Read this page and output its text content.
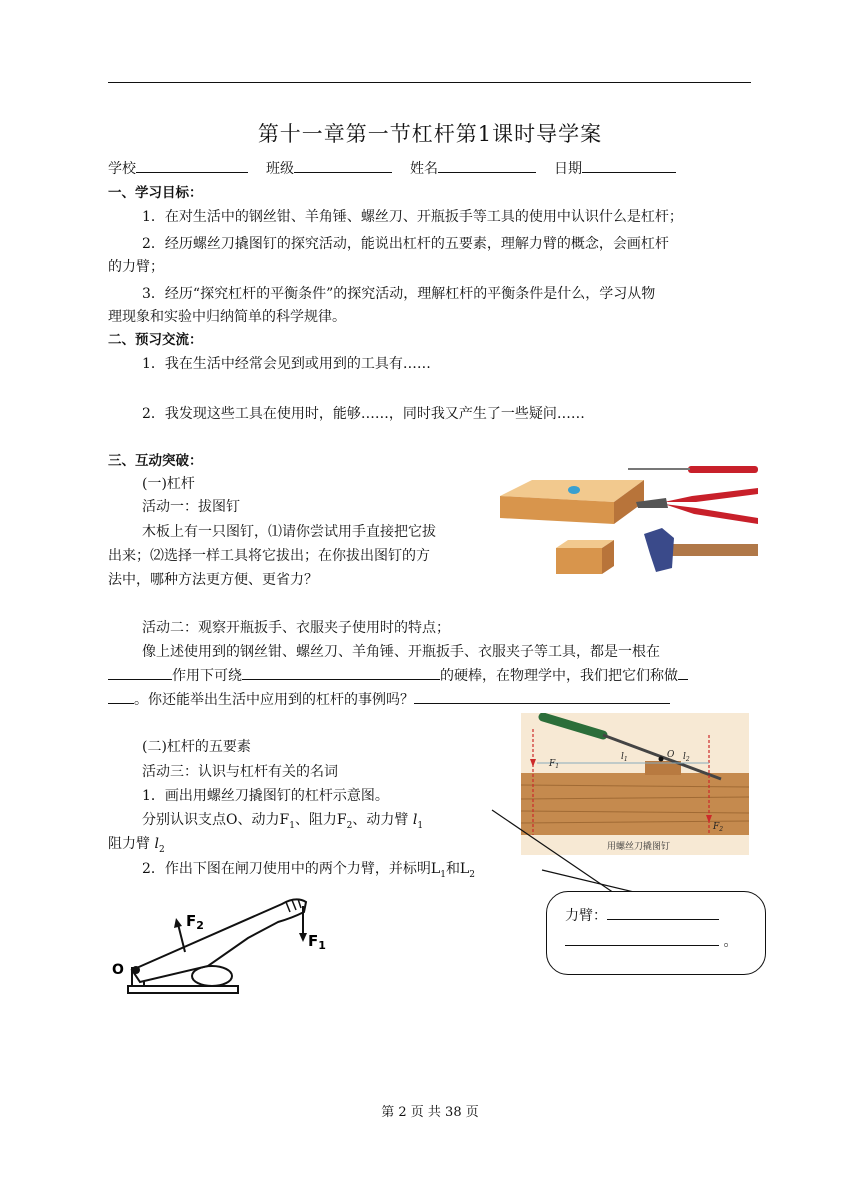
第十一章第一节杠杆第1课时导学案
学校	班级	姓名	日期
一、学习目标：
1．在对生活中的钢丝钳、羊角锤、螺丝刀、开瓶扳手等工具的使用中认识什么是杠杆；
2．经历螺丝刀撬图钉的探究活动，能说出杠杆的五要素，理解力臂的概念，会画杠杆
的力臂；
3．经历“探究杠杆的平衡条件”的探究活动，理解杠杆的平衡条件是什么，学习从物
理现象和实验中归纳简单的科学规律。
二、预习交流：
1．我在生活中经常会见到或用到的工具有……
2．我发现这些工具在使用时，能够……，同时我又产生了一些疑问……
三、互动突破：
(一)杠杆
活动一：拔图钉
木板上有一只图钉，⑴请你尝试用手直接把它拔
出来；⑵选择一样工具将它拔出；在你拔出图钉的方
法中，哪种方法更方便、更省力？
活动二：观察开瓶扳手、衣服夹子使用时的特点；
像上述使用到的钢丝钳、螺丝刀、羊角锤、开瓶扳手、衣服夹子等工具，都是一根在
作用下可绕	的硬棒，在物理学中，我们把它们称做
。你还能举出生活中应用到的杠杆的事例吗？
$F_1$
$l_1$	O $l_2$
$F_2$
用螺丝刀撬图钉
(二)杠杆的五要素
活动三：认识与杠杆有关的名词
1．画出用螺丝刀撬图钉的杠杆示意图。
分别认识支点O、动力$F_1$、阻力$F_2$、动力臂 $l_1$
阻力臂 $l_2$
2．作出下图在闸刀使用中的两个力臂，并标明$L_1$和$L_2$
力臂：
。
$F_2$
$F_1$
O
第 2 页 共 38 页
